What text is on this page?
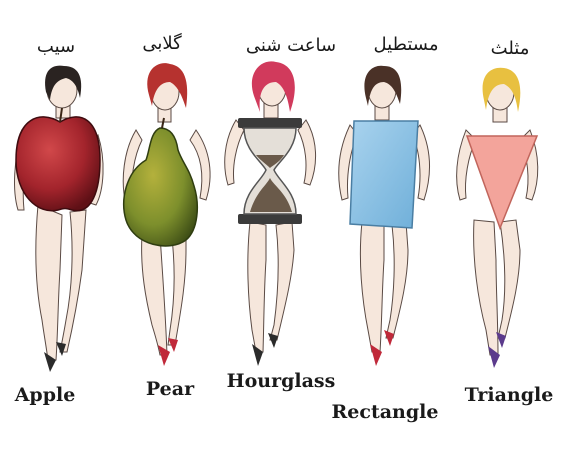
سیب	گلابی	ساعت شنی	مستطیل	مثلث
Apple	Pear	Hourglass
Rectangle
Triangle
